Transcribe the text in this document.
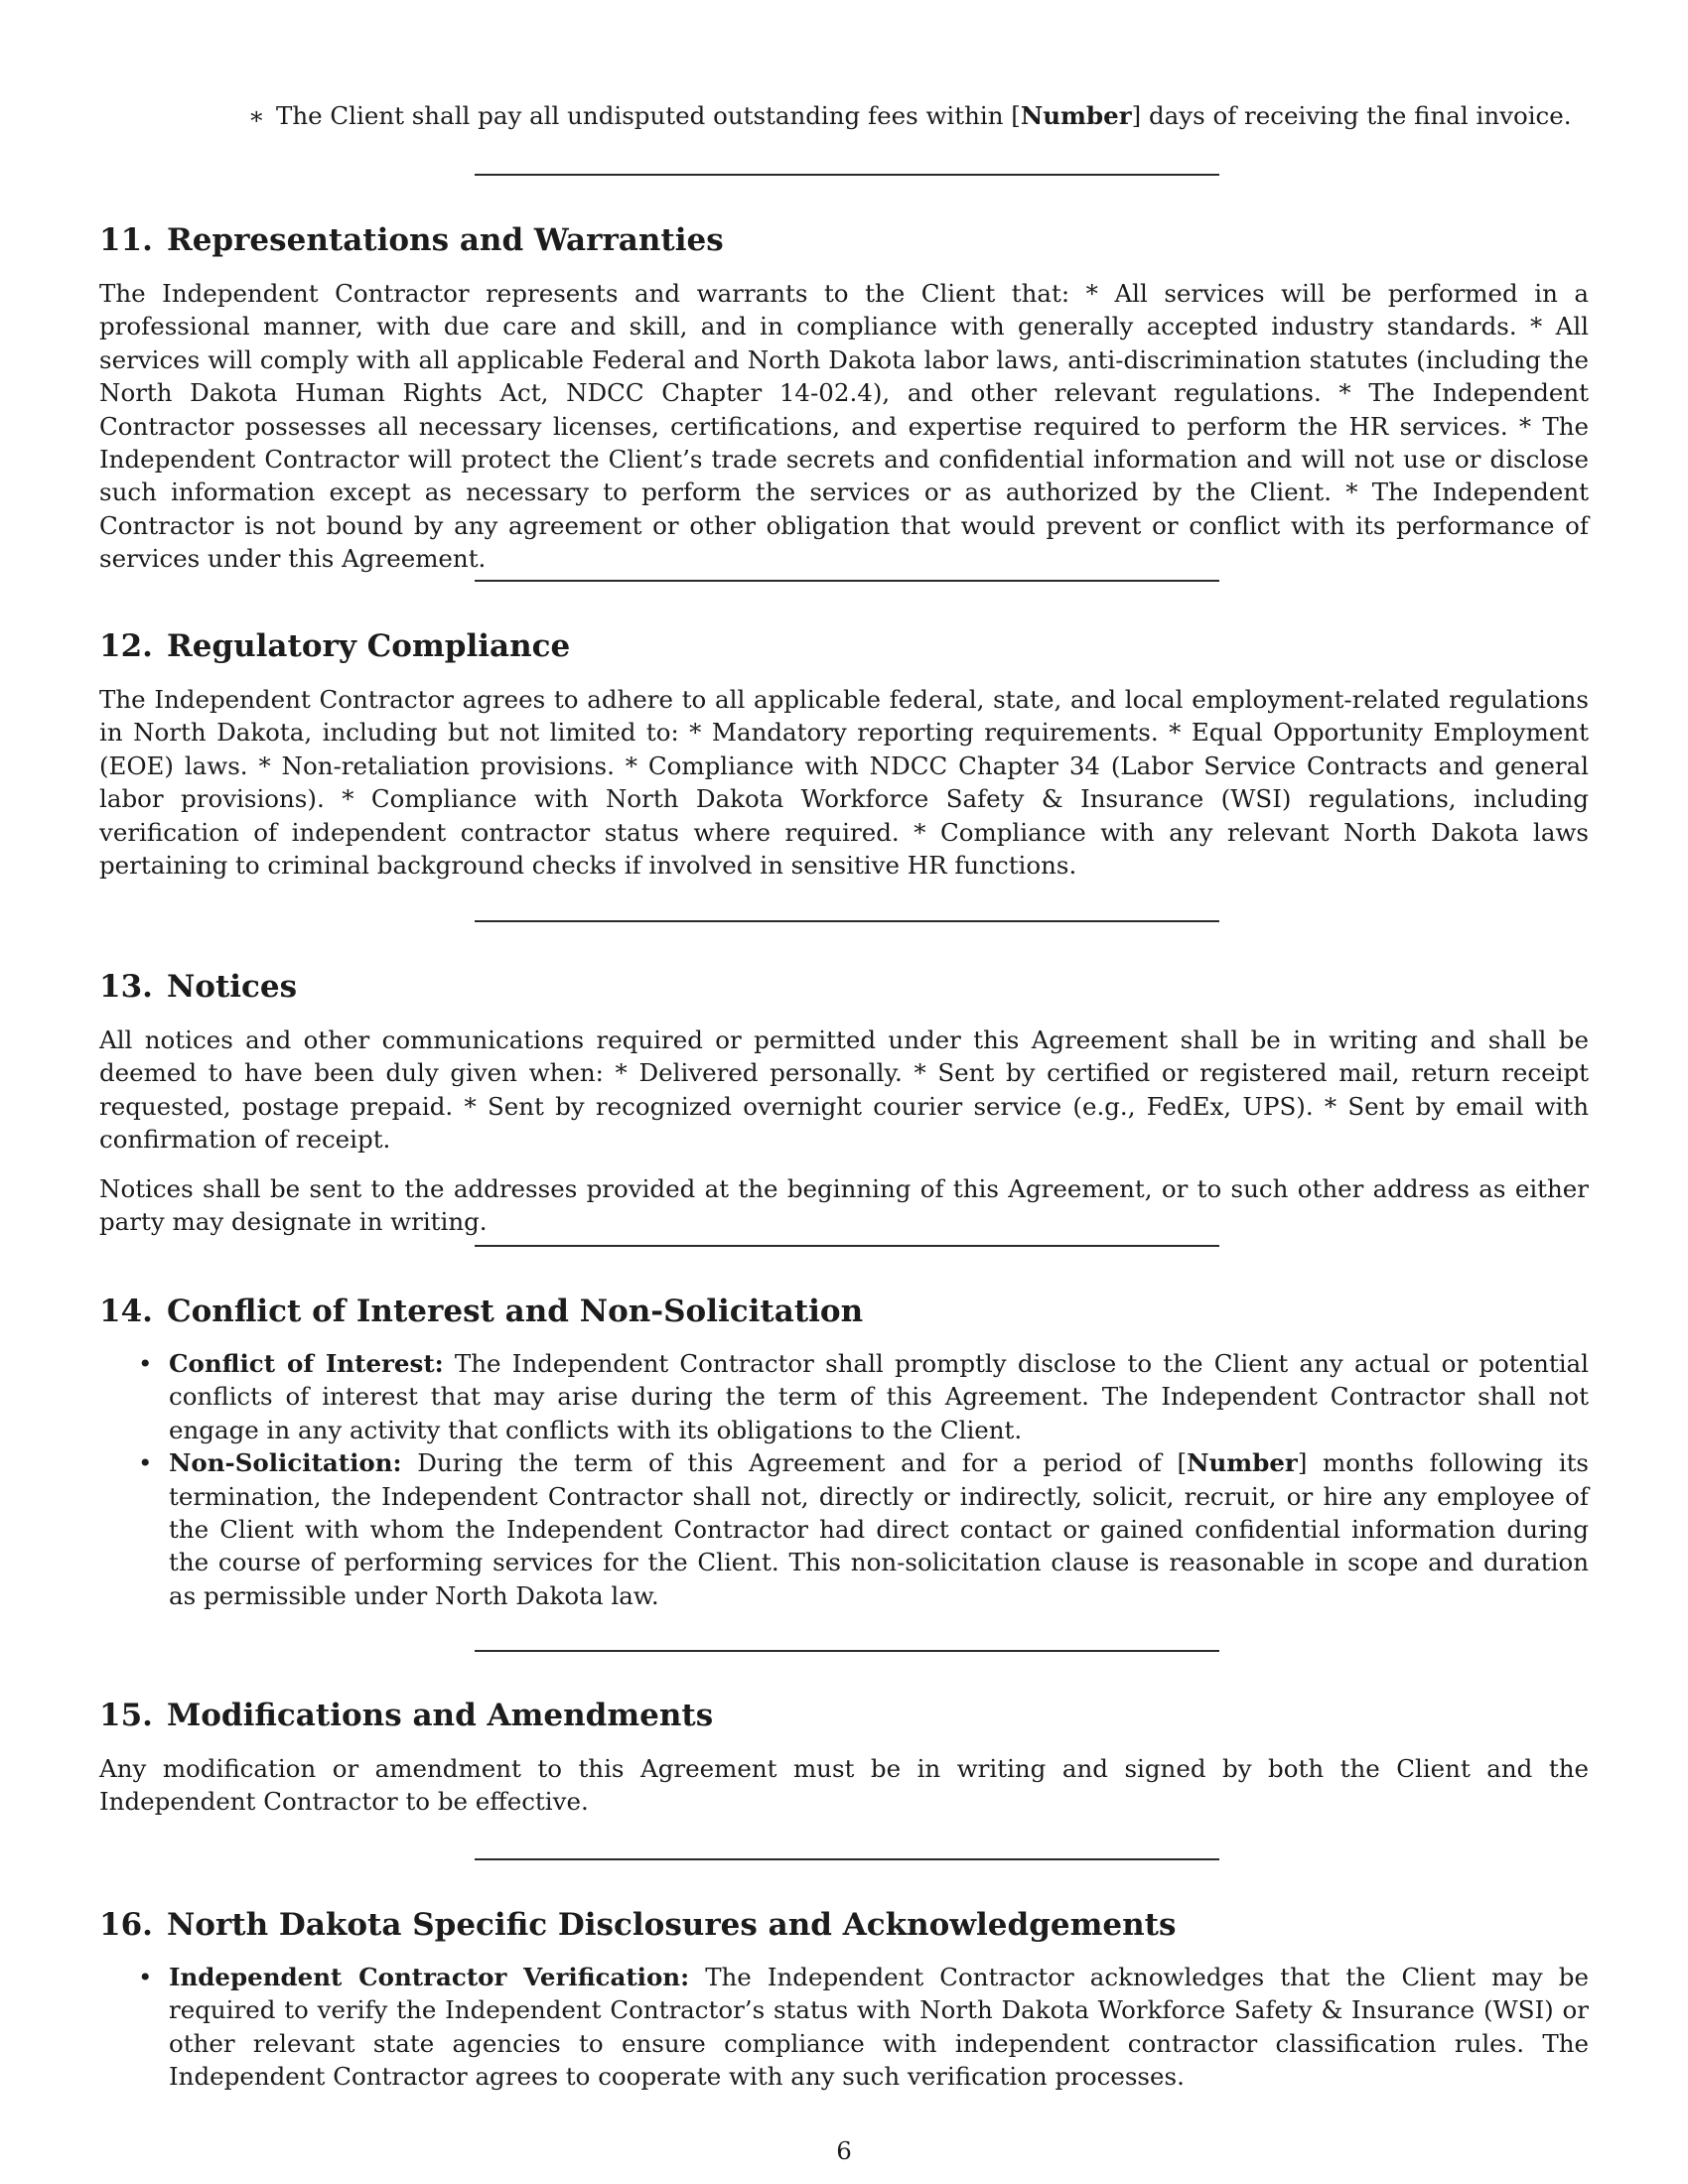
∗ The Client shall pay all undisputed outstanding fees within [Number] days of receiving the final invoice.
11. Representations and Warranties

The Independent Contractor represents and warrants to the Client that: * All services will be performed in a professional manner, with due care and skill, and in compliance with generally accepted industry standards. * All services will comply with all applicable Federal and North Dakota labor laws, anti-discrimination statutes (including the North Dakota Human Rights Act, NDCC Chapter 14-02.4), and other relevant regulations. * The Independent Contractor possesses all necessary licenses, certifications, and expertise required to perform the HR services. * The Independent Contractor will protect the Client’s trade secrets and confidential information and will not use or disclose such information except as necessary to perform the services or as authorized by the Client. * The Independent Contractor is not bound by any agreement or other obligation that would prevent or conflict with its performance of services under this Agreement.

12. Regulatory Compliance

The Independent Contractor agrees to adhere to all applicable federal, state, and local employment-related regulations in North Dakota, including but not limited to: * Mandatory reporting requirements. * Equal Opportunity Employment (EOE) laws. * Non-retaliation provisions. * Compliance with NDCC Chapter 34 (Labor Service Contracts and general labor provisions). * Compliance with North Dakota Workforce Safety & Insurance (WSI) regulations, including verification of independent contractor status where required. * Compliance with any relevant North Dakota laws pertaining to criminal background checks if involved in sensitive HR functions.

13. Notices

All notices and other communications required or permitted under this Agreement shall be in writing and shall be deemed to have been duly given when: * Delivered personally. * Sent by certified or registered mail, return receipt requested, postage prepaid. * Sent by recognized overnight courier service (e.g., FedEx, UPS). * Sent by email with confirmation of receipt.

Notices shall be sent to the addresses provided at the beginning of this Agreement, or to such other address as either party may designate in writing.

14. Conflict of Interest and Non-Solicitation
• Conflict of Interest: The Independent Contractor shall promptly disclose to the Client any actual or potential conflicts of interest that may arise during the term of this Agreement. The Independent Contractor shall not engage in any activity that conflicts with its obligations to the Client.
• Non-Solicitation: During the term of this Agreement and for a period of [Number] months following its termination, the Independent Contractor shall not, directly or indirectly, solicit, recruit, or hire any employee of the Client with whom the Independent Contractor had direct contact or gained confidential information during the course of performing services for the Client. This non-solicitation clause is reasonable in scope and duration as permissible under North Dakota law.
15. Modifications and Amendments

Any modification or amendment to this Agreement must be in writing and signed by both the Client and the Independent Contractor to be effective.

16. North Dakota Specific Disclosures and Acknowledgements
• Independent Contractor Verification: The Independent Contractor acknowledges that the Client may be required to verify the Independent Contractor’s status with North Dakota Workforce Safety & Insurance (WSI) or other relevant state agencies to ensure compliance with independent contractor classification rules. The Independent Contractor agrees to cooperate with any such verification processes.
6
